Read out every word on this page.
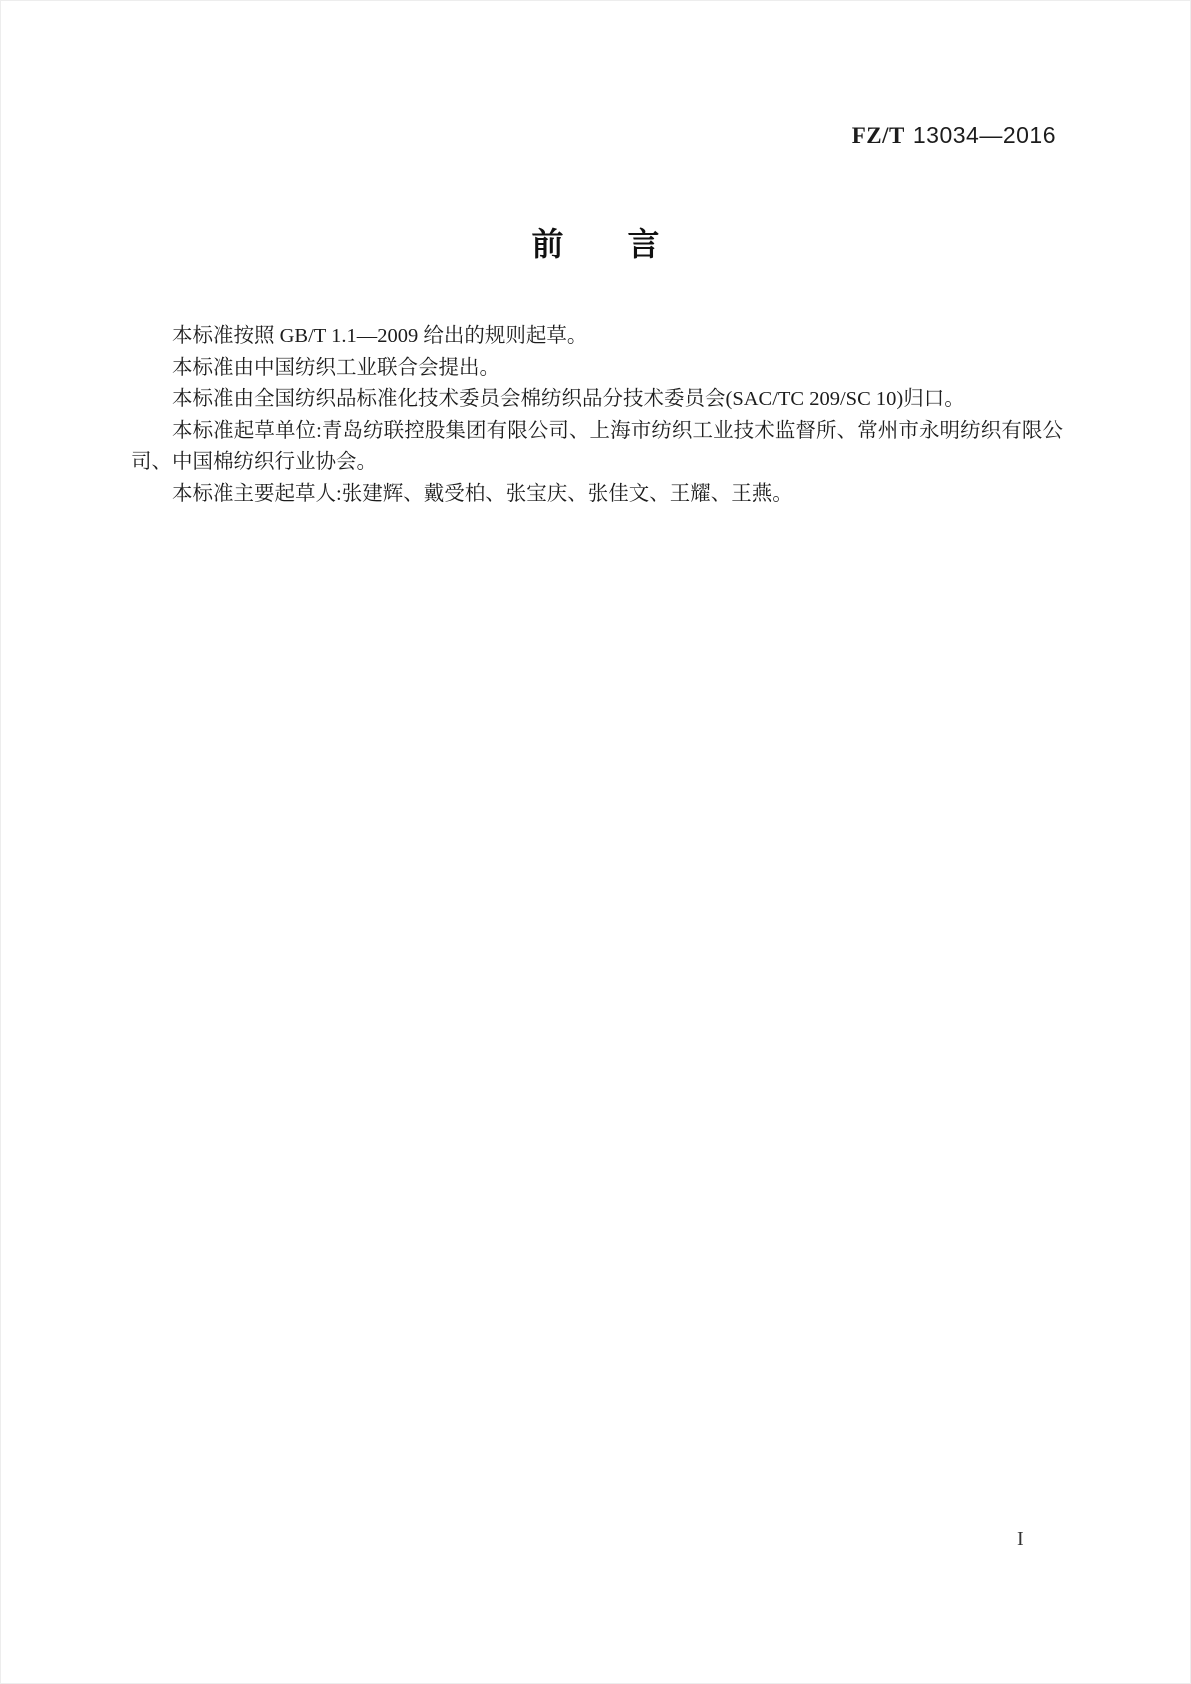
FZ/T 13034—2016
前　　言

本标准按照 GB/T 1.1—2009 给出的规则起草。

本标准由中国纺织工业联合会提出。

本标准由全国纺织品标准化技术委员会棉纺织品分技术委员会(SAC/TC 209/SC 10)归口。

本标准起草单位:青岛纺联控股集团有限公司、上海市纺织工业技术监督所、常州市永明纺织有限公司、中国棉纺织行业协会。

本标准主要起草人:张建辉、戴受柏、张宝庆、张佳文、王耀、王燕。

I
